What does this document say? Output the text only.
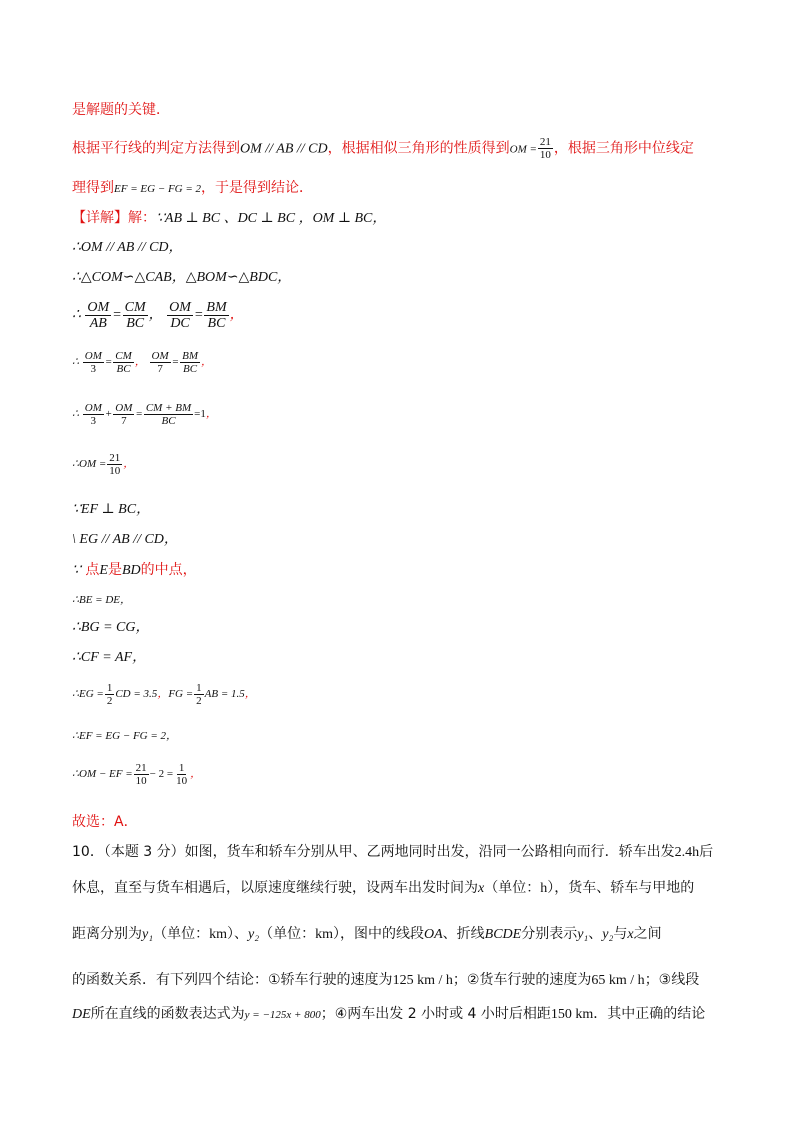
是解题的关键．
根据平行线的判定方法得到OM // AB // CD，根据相似三角形的性质得到OM = $\frac{21}{10}$ ，根据三角形中位线定
理得到EF = EG − FG = 2，于是得到结论．
【详解】解：∵AB ⊥ BC 、DC ⊥ BC ，OM ⊥ BC，
∴OM // AB // CD，
∴△COM∽△CAB，△BOM∽△BDC，
∴ $\frac{OM}{AB} = \frac{CM}{BC}$ ， $\frac{OM}{DC} = \frac{BM}{BC}$ ，
∴ $\frac{OM}{3} = \frac{CM}{BC}$ ， $\frac{OM}{7} = \frac{BM}{BC}$ ，
∴ $\frac{OM}{3} + \frac{OM}{7} = \frac{CM + BM}{BC} =1$，
∴OM = $\frac{21}{10}$ ，
∵EF ⊥ BC，
\ EG // AB // CD，
∵ 点E是BD的中点，
∴BE = DE，
∴BG = CG，
∴CF = AF，
∴EG = $\frac{1}{2}$ CD = 3.5，FG = $\frac{1}{2}$ AB = 1.5，
∴EF = EG − FG = 2，
∴OM − EF = $\frac{21}{10} - 2 = \frac{1}{10}$ ，
故选：A．
10．（本题 3 分）如图，货车和轿车分别从甲、乙两地同时出发，沿同一公路相向而行．轿车出发2.4h后
休息，直至与货车相遇后，以原速度继续行驶，设两车出发时间为x（单位：h），货车、轿车与甲地的
距离分别为y₁（单位：km）、y₂（单位：km），图中的线段OA、折线BCDE分别表示y₁、y₂与x之间
的函数关系．有下列四个结论：①轿车行驶的速度为125 km / h；②货车行驶的速度为65 km / h；③线段
DE所在直线的函数表达式为y = −125x + 800；④两车出发 2 小时或 4 小时后相距150 km．其中正确的结论
